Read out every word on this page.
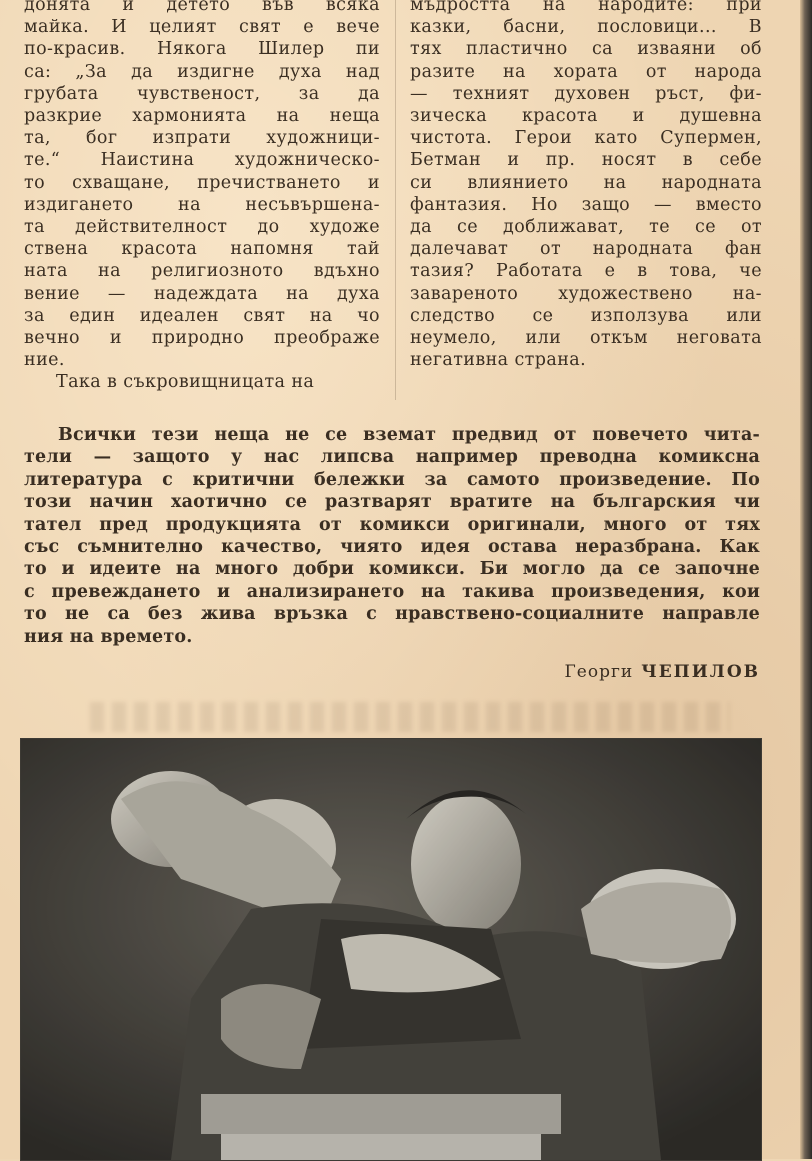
донята и детето във всяка
майка. И целият свят е вече
по-красив. Някога Шилер пи
са: „За да издигне духа над
грубата чувственост, за да
разкрие хармонията на неща
та, бог изпрати художници-
те.“ Наистина художническо-
то схващане, пречистването и
издигането на несъвършена-
та действителност до художе
ствена красота напомня тай
ната на религиозното вдъхно
вение — надеждата на духа
за един идеален свят на чо
вечно и природно преображе
ние.
Така в съкровищницата на
мъдростта на народите: при
казки, басни, пословици... В
тях пластично са изваяни об
разите на хората от народа
— техният духовен ръст, фи-
зическа красота и душевна
чистота. Герои като Супермен,
Бетман и пр. носят в себе
си влиянието на народната
фантазия. Но защо — вместо
да се доближават, те се от
далечават от народната фан
тазия? Работата е в това, че
завареното художествено на-
следство се използува или
неумело, или откъм неговата
негативна страна.
Всички тези неща не се вземат предвид от повечето чита-
тели — защото у нас липсва например преводна комиксна
литература с критични бележки за самото произведение. По
този начин хаотично се разтварят вратите на българския чи
тател пред продукцията от комикси оригинали, много от тях
със съмнително качество, чиято идея остава неразбрана. Как
то и идеите на много добри комикси. Би могло да се започне
с превеждането и анализирането на такива произведения, кои
то не са без жива връзка с нравствено-социалните направле
ния на времето.
Георги ЧЕПИЛОВ
